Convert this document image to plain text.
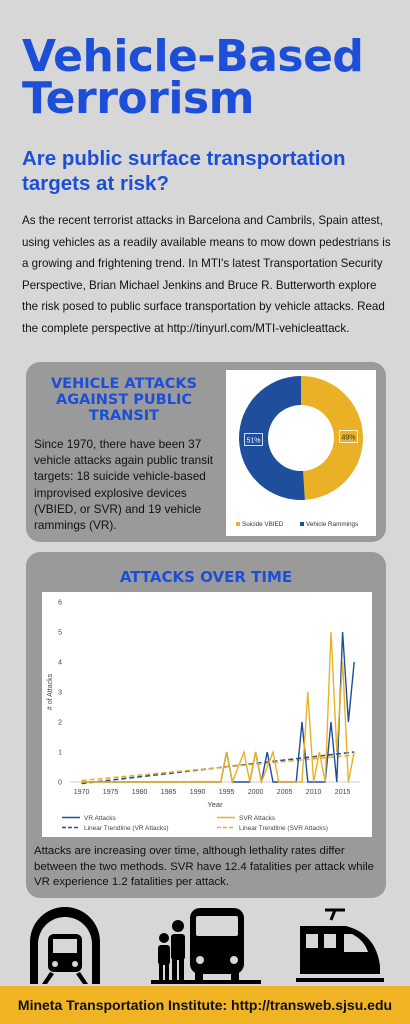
Vehicle-Based
Terrorism
Are public surface transportation targets at risk?
As the recent terrorist attacks in Barcelona and Cambrils, Spain attest, using vehicles as a readily available means to mow down pedestrians is a growing and frightening trend. In MTI's latest Transportation Security Perspective, Brian Michael Jenkins and Bruce R. Butterworth explore the risk posed to public surface transportation by vehicle attacks. Read the complete perspective at http://tinyurl.com/MTI-vehicleattack.
VEHICLE ATTACKS AGAINST PUBLIC TRANSIT
Since 1970, there have been 37 vehicle attacks again public transit targets: 18 suicide vehicle-based improvised explosive devices (VBIED, or SVR) and 19 vehicle rammings (VR).
49%
51%
Suicide VBIED	Vehicle Rammings
ATTACKS OVER TIME
0
1
2
3
4
5
6
1970 1975 1980 1985 1990 1995 2000 2005 2010 2015
Year
# of Attacks
VR Attacks	SVR Attacks
Linear Trendline (VR Attacks)	Linear Trendline (SVR Attacks)
Attacks are increasing over time, although lethality rates differ between the two methods. SVR have 12.4 fatalities per attack while VR experience 1.2 fatalities per attack.
Mineta Transportation Institute: http://transweb.sjsu.edu
